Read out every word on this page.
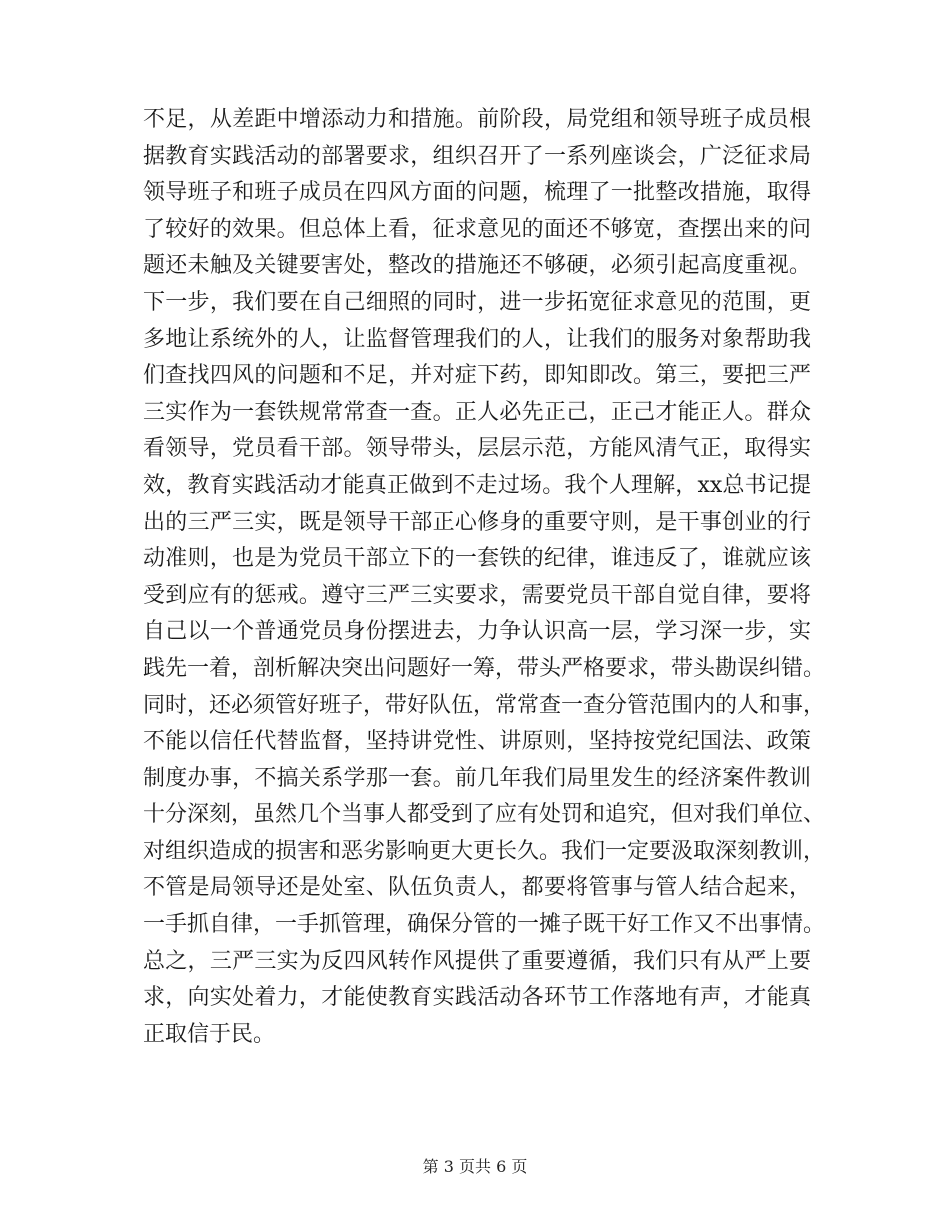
不足，从差距中增添动力和措施。前阶段，局党组和领导班子成员根
据教育实践活动的部署要求，组织召开了一系列座谈会，广泛征求局
领导班子和班子成员在四风方面的问题，梳理了一批整改措施，取得
了较好的效果。但总体上看，征求意见的面还不够宽，查摆出来的问
题还未触及关键要害处，整改的措施还不够硬，必须引起高度重视。
下一步，我们要在自己细照的同时，进一步拓宽征求意见的范围，更
多地让系统外的人，让监督管理我们的人，让我们的服务对象帮助我
们查找四风的问题和不足，并对症下药，即知即改。第三，要把三严
三实作为一套铁规常常查一查。正人必先正己，正己才能正人。群众
看领导，党员看干部。领导带头，层层示范，方能风清气正，取得实
效，教育实践活动才能真正做到不走过场。我个人理解，xx总书记提
出的三严三实，既是领导干部正心修身的重要守则，是干事创业的行
动准则，也是为党员干部立下的一套铁的纪律，谁违反了，谁就应该
受到应有的惩戒。遵守三严三实要求，需要党员干部自觉自律，要将
自己以一个普通党员身份摆进去，力争认识高一层，学习深一步，实
践先一着，剖析解决突出问题好一筹，带头严格要求，带头勘误纠错。
同时，还必须管好班子，带好队伍，常常查一查分管范围内的人和事，
不能以信任代替监督，坚持讲党性、讲原则，坚持按党纪国法、政策
制度办事，不搞关系学那一套。前几年我们局里发生的经济案件教训
十分深刻，虽然几个当事人都受到了应有处罚和追究，但对我们单位、
对组织造成的损害和恶劣影响更大更长久。我们一定要汲取深刻教训，
不管是局领导还是处室、队伍负责人，都要将管事与管人结合起来，
一手抓自律，一手抓管理，确保分管的一摊子既干好工作又不出事情。
总之，三严三实为反四风转作风提供了重要遵循，我们只有从严上要
求，向实处着力，才能使教育实践活动各环节工作落地有声，才能真
正取信于民。
第 3 页共 6 页
